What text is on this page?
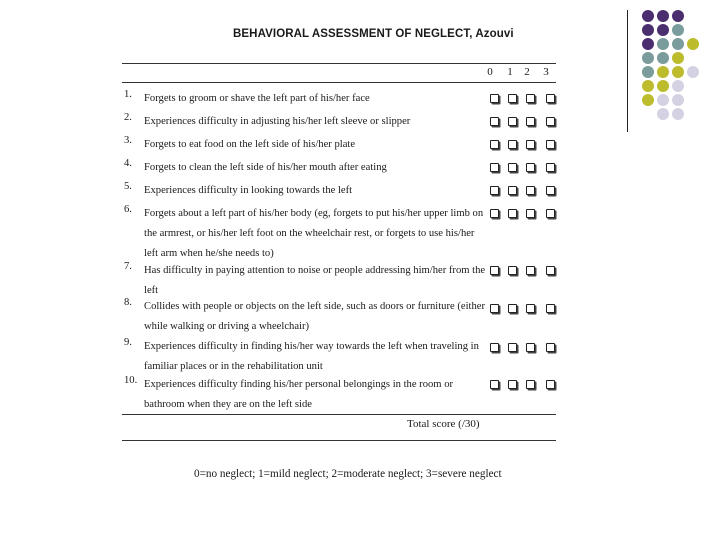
BEHAVIORAL ASSESSMENT OF NEGLECT, Azouvi
0 1 2 3
1.	Forgets to groom or shave the left part of his/her face
2.	Experiences difficulty in adjusting his/her left sleeve or slipper
3.	Forgets to eat food on the left side of his/her plate
4.	Forgets to clean the left side of his/her mouth after eating
5.	Experiences difficulty in looking towards the left
6.	Forgets about a left part of his/her body (eg, forgets to put his/her upper limb on the armrest, or his/her left foot on the wheelchair rest, or forgets to use his/her left arm when he/she needs to)
7.	Has difficulty in paying attention to noise or people addressing him/her from the left
8.	Collides with people or objects on the left side, such as doors or furniture (either while walking or driving a wheelchair)
9.	Experiences difficulty in finding his/her way towards the left when traveling in familiar places or in the rehabilitation unit
10. Experiences difficulty finding his/her personal belongings in the room or bathroom when they are on the left side
Total score (/30)
0=no neglect; 1=mild neglect; 2=moderate neglect; 3=severe neglect
